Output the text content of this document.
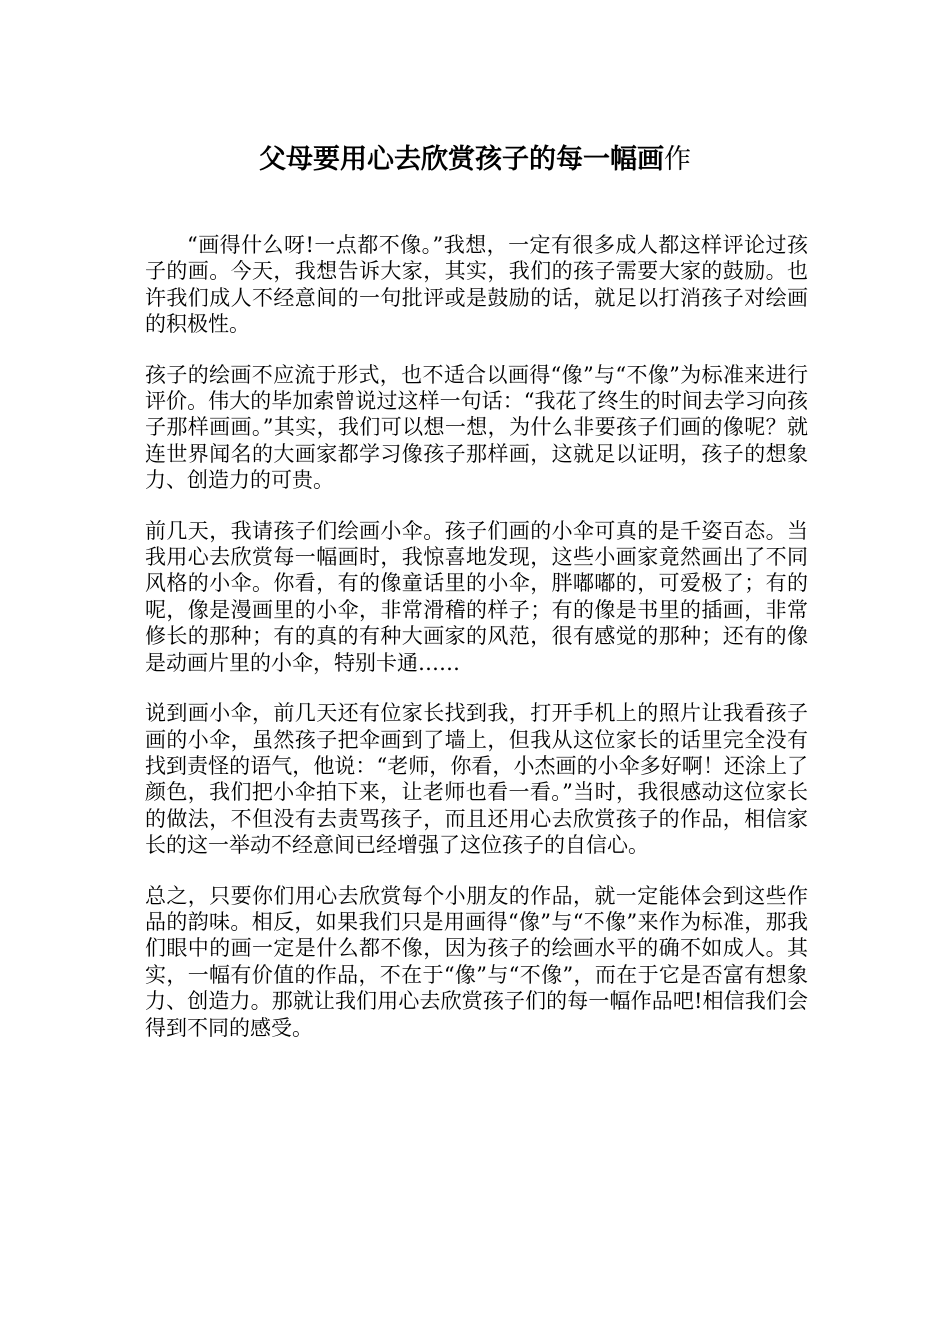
父母要用心去欣赏孩子的每一幅画作

“画得什么呀!一点都不像。”我想，一定有很多成人都这样评论过孩子的画。今天，我想告诉大家，其实，我们的孩子需要大家的鼓励。也许我们成人不经意间的一句批评或是鼓励的话，就足以打消孩子对绘画的积极性。

孩子的绘画不应流于形式，也不适合以画得“像”与“不像”为标准来进行评价。伟大的毕加索曾说过这样一句话：“我花了终生的时间去学习向孩子那样画画。”其实，我们可以想一想，为什么非要孩子们画的像呢？就连世界闻名的大画家都学习像孩子那样画，这就足以证明，孩子的想象力、创造力的可贵。

前几天，我请孩子们绘画小伞。孩子们画的小伞可真的是千姿百态。当我用心去欣赏每一幅画时，我惊喜地发现，这些小画家竟然画出了不同风格的小伞。你看，有的像童话里的小伞，胖嘟嘟的，可爱极了；有的呢，像是漫画里的小伞，非常滑稽的样子；有的像是书里的插画，非常修长的那种；有的真的有种大画家的风范，很有感觉的那种；还有的像是动画片里的小伞，特别卡通……

说到画小伞，前几天还有位家长找到我，打开手机上的照片让我看孩子画的小伞，虽然孩子把伞画到了墙上，但我从这位家长的话里完全没有找到责怪的语气，他说：“老师，你看，小杰画的小伞多好啊！还涂上了颜色，我们把小伞拍下来，让老师也看一看。”当时，我很感动这位家长的做法，不但没有去责骂孩子，而且还用心去欣赏孩子的作品，相信家长的这一举动不经意间已经增强了这位孩子的自信心。

总之，只要你们用心去欣赏每个小朋友的作品，就一定能体会到这些作品的韵味。相反，如果我们只是用画得“像”与“不像”来作为标准，那我们眼中的画一定是什么都不像，因为孩子的绘画水平的确不如成人。其实，一幅有价值的作品，不在于“像”与“不像”，而在于它是否富有想象力、创造力。那就让我们用心去欣赏孩子们的每一幅作品吧!相信我们会得到不同的感受。
